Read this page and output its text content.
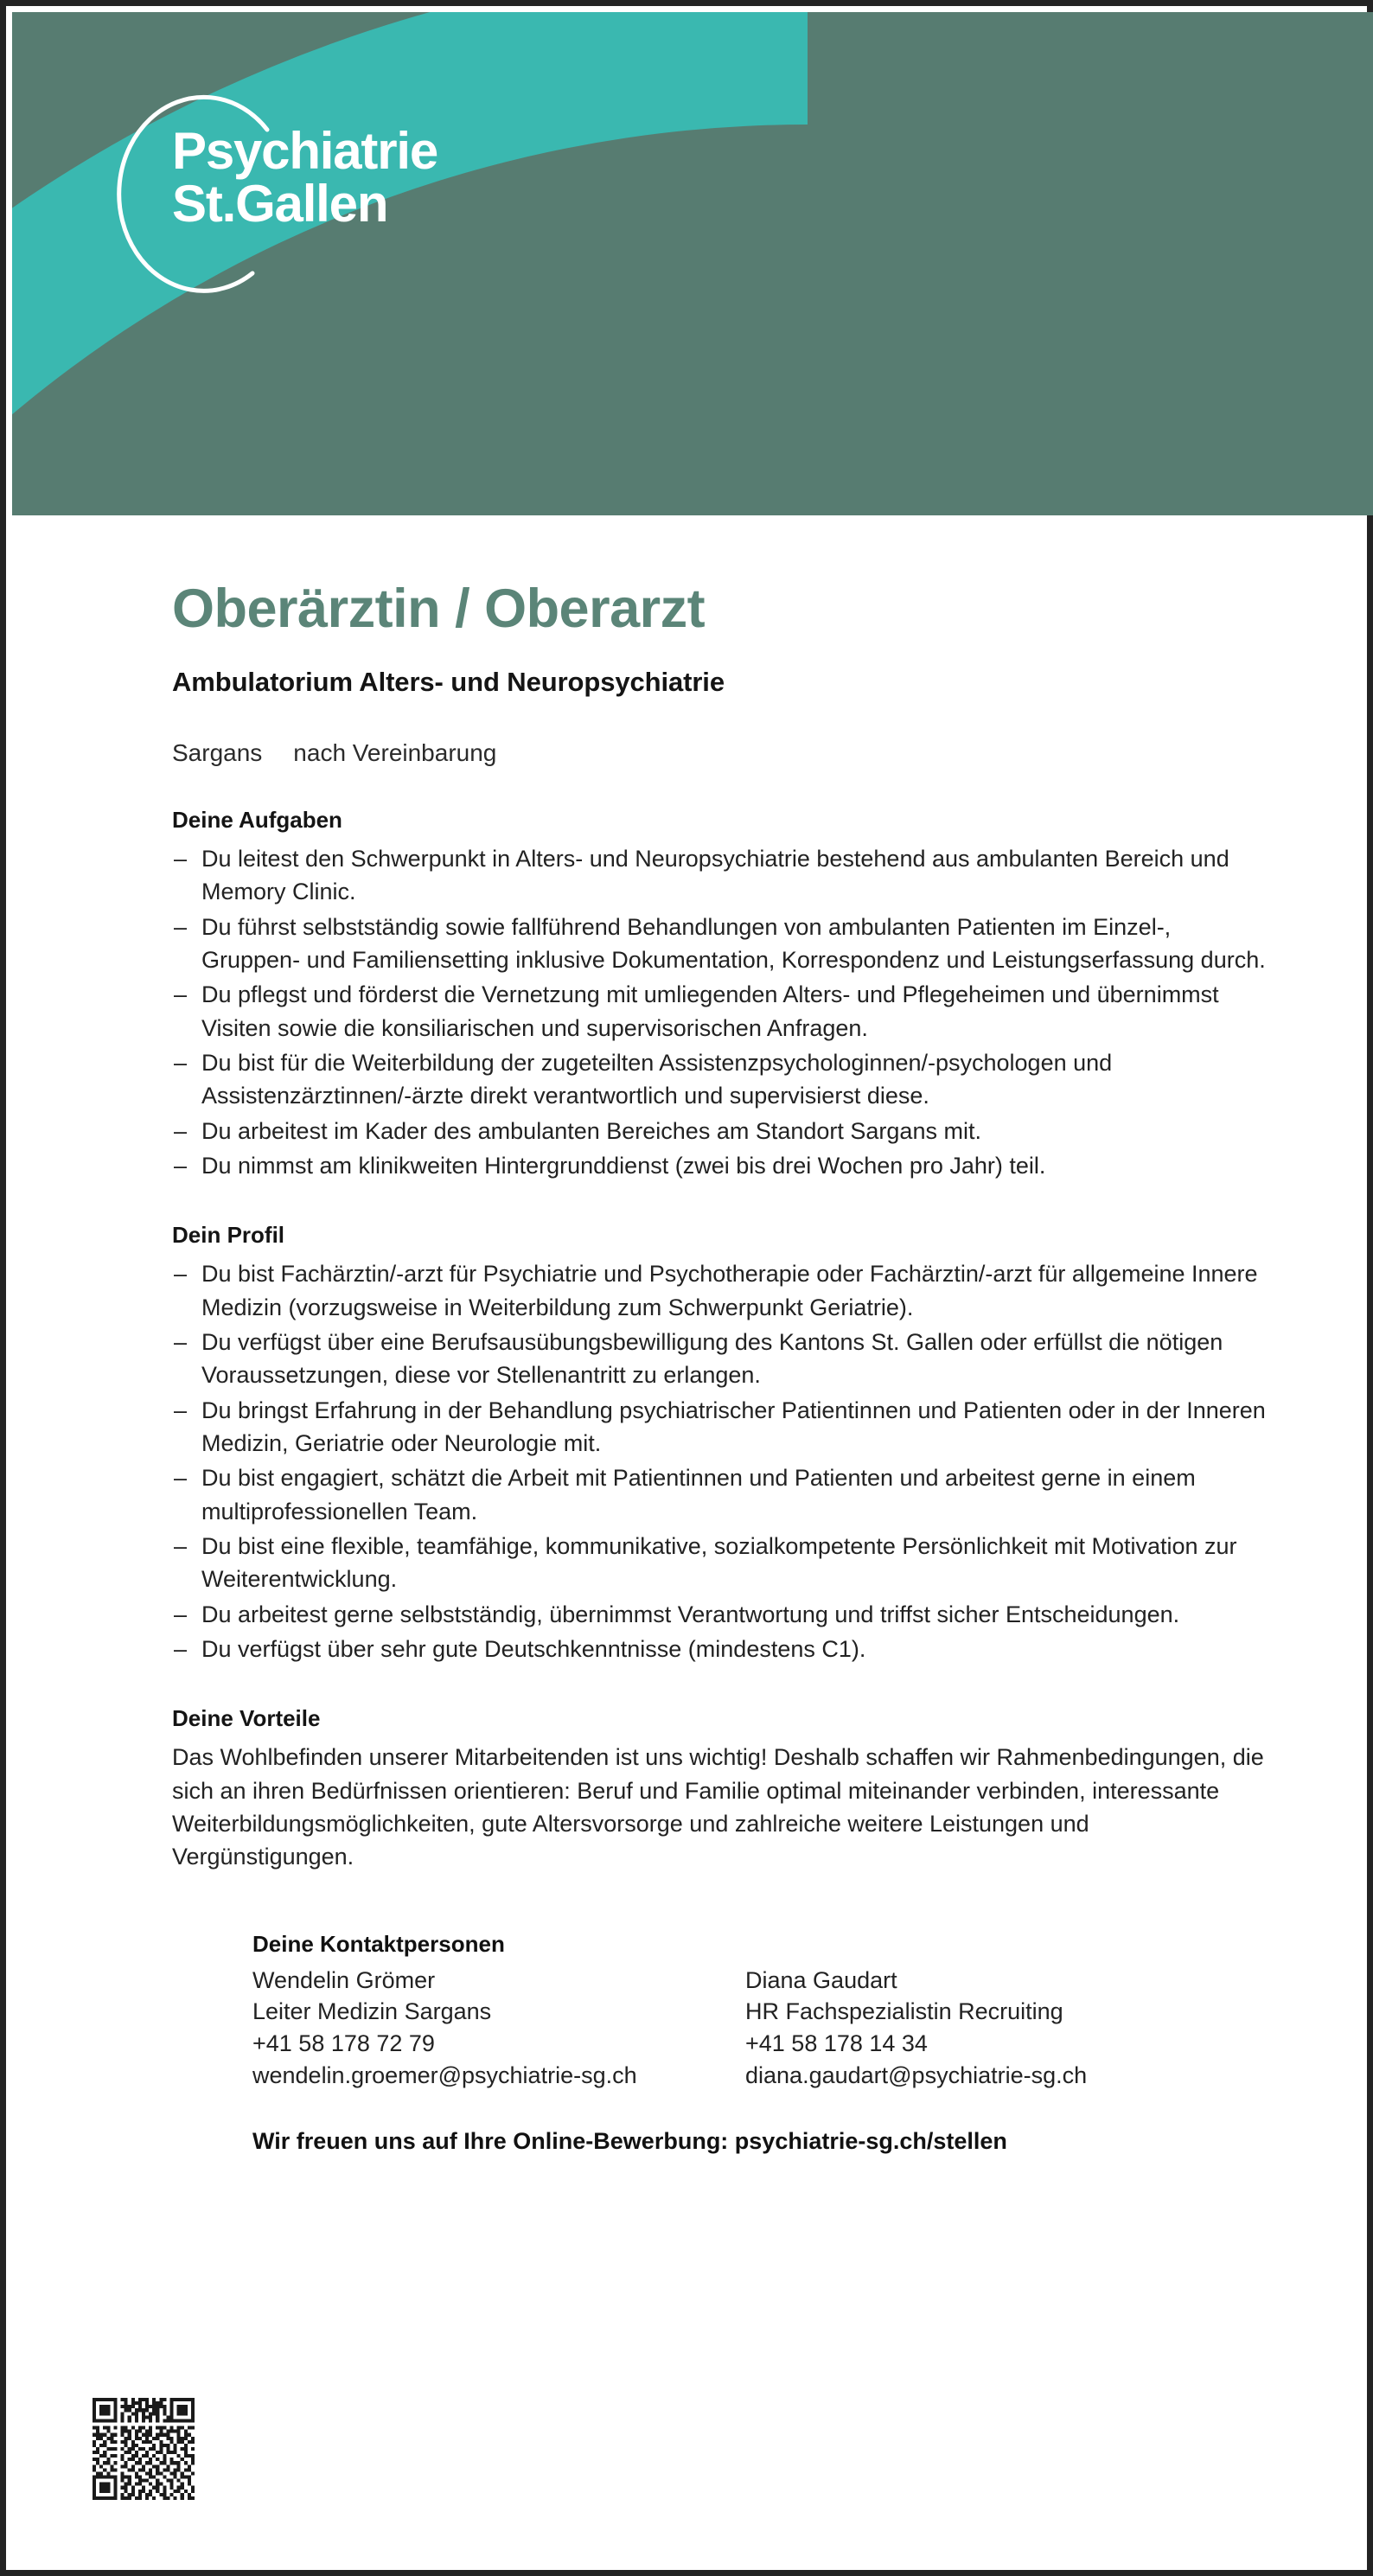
Psychiatrie
St.Gallen
Oberärztin / Oberarzt
Ambulatorium Alters- und Neuropsychiatrie
Sargans nach Vereinbarung
Deine Aufgaben
– Du leitest den Schwerpunkt in Alters- und Neuropsychiatrie bestehend aus ambulanten Bereich und Memory Clinic.
– Du führst selbstständig sowie fallführend Behandlungen von ambulanten Patienten im Einzel-, Gruppen- und Familiensetting inklusive Dokumentation, Korrespondenz und Leistungserfassung durch.
– Du pflegst und förderst die Vernetzung mit umliegenden Alters- und Pflegeheimen und übernimmst Visiten sowie die konsiliarischen und supervisorischen Anfragen.
– Du bist für die Weiterbildung der zugeteilten Assistenzpsychologinnen/-psychologen und Assistenzärztinnen/-ärzte direkt verantwortlich und supervisierst diese.
– Du arbeitest im Kader des ambulanten Bereiches am Standort Sargans mit.
– Du nimmst am klinikweiten Hintergrunddienst (zwei bis drei Wochen pro Jahr) teil.
Dein Profil
– Du bist Fachärztin/-arzt für Psychiatrie und Psychotherapie oder Fachärztin/-arzt für allgemeine Innere Medizin (vorzugsweise in Weiterbildung zum Schwerpunkt Geriatrie).
– Du verfügst über eine Berufsausübungsbewilligung des Kantons St. Gallen oder erfüllst die nötigen Voraussetzungen, diese vor Stellenantritt zu erlangen.
– Du bringst Erfahrung in der Behandlung psychiatrischer Patientinnen und Patienten oder in der Inneren Medizin, Geriatrie oder Neurologie mit.
– Du bist engagiert, schätzt die Arbeit mit Patientinnen und Patienten und arbeitest gerne in einem multiprofessionellen Team.
– Du bist eine flexible, teamfähige, kommunikative, sozialkompetente Persönlichkeit mit Motivation zur Weiterentwicklung.
– Du arbeitest gerne selbstständig, übernimmst Verantwortung und triffst sicher Entscheidungen.
– Du verfügst über sehr gute Deutschkenntnisse (mindestens C1).
Deine Vorteile

Das Wohlbefinden unserer Mitarbeitenden ist uns wichtig! Deshalb schaffen wir Rahmenbedingungen, die sich an ihren Bedürfnissen orientieren: Beruf und Familie optimal miteinander verbinden, interessante Weiterbildungsmöglichkeiten, gute Altersvorsorge und zahlreiche weitere Leistungen und Vergünstigungen.

Deine Kontaktpersonen
Wendelin Grömer
Leiter Medizin Sargans
+41 58 178 72 79
wendelin.groemer@psychiatrie-sg.ch
Diana Gaudart
HR Fachspezialistin Recruiting
+41 58 178 14 34
diana.gaudart@psychiatrie-sg.ch
Wir freuen uns auf Ihre Online-Bewerbung: psychiatrie-sg.ch/stellen
